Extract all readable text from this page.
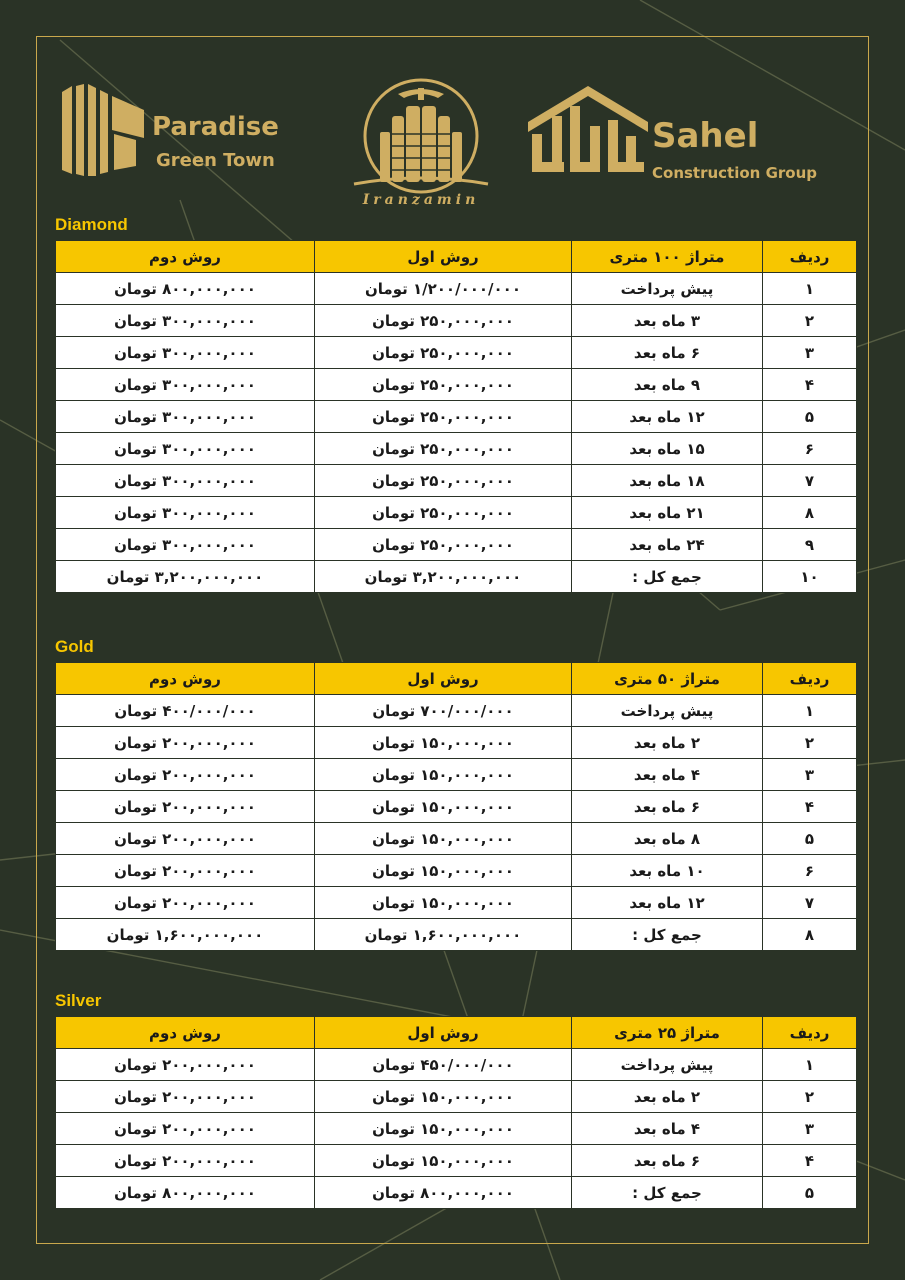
Paradise
Green Town
Iranzamin
Sahel
Construction Group
Diamond
ردیف	متراژ ۱۰۰ متری	روش اول	روش دوم
۱	پیش پرداخت	۱/۲۰۰/۰۰۰/۰۰۰ تومان	۸۰۰,۰۰۰,۰۰۰ تومان
۲	۳ ماه بعد	۲۵۰,۰۰۰,۰۰۰ تومان	۳۰۰,۰۰۰,۰۰۰ تومان
۳	۶ ماه بعد	۲۵۰,۰۰۰,۰۰۰ تومان	۳۰۰,۰۰۰,۰۰۰ تومان
۴	۹ ماه بعد	۲۵۰,۰۰۰,۰۰۰ تومان	۳۰۰,۰۰۰,۰۰۰ تومان
۵	۱۲ ماه بعد	۲۵۰,۰۰۰,۰۰۰ تومان	۳۰۰,۰۰۰,۰۰۰ تومان
۶	۱۵ ماه بعد	۲۵۰,۰۰۰,۰۰۰ تومان	۳۰۰,۰۰۰,۰۰۰ تومان
۷	۱۸ ماه بعد	۲۵۰,۰۰۰,۰۰۰ تومان	۳۰۰,۰۰۰,۰۰۰ تومان
۸	۲۱ ماه بعد	۲۵۰,۰۰۰,۰۰۰ تومان	۳۰۰,۰۰۰,۰۰۰ تومان
۹	۲۴ ماه بعد	۲۵۰,۰۰۰,۰۰۰ تومان	۳۰۰,۰۰۰,۰۰۰ تومان
۱۰	جمع کل :	۳,۲۰۰,۰۰۰,۰۰۰ تومان	۳,۲۰۰,۰۰۰,۰۰۰ تومان
Gold
ردیف	متراژ ۵۰ متری	روش اول	روش دوم
۱	پیش پرداخت	۷۰۰/۰۰۰/۰۰۰ تومان	۴۰۰/۰۰۰/۰۰۰ تومان
۲	۲ ماه بعد	۱۵۰,۰۰۰,۰۰۰ تومان	۲۰۰,۰۰۰,۰۰۰ تومان
۳	۴ ماه بعد	۱۵۰,۰۰۰,۰۰۰ تومان	۲۰۰,۰۰۰,۰۰۰ تومان
۴	۶ ماه بعد	۱۵۰,۰۰۰,۰۰۰ تومان	۲۰۰,۰۰۰,۰۰۰ تومان
۵	۸ ماه بعد	۱۵۰,۰۰۰,۰۰۰ تومان	۲۰۰,۰۰۰,۰۰۰ تومان
۶	۱۰ ماه بعد	۱۵۰,۰۰۰,۰۰۰ تومان	۲۰۰,۰۰۰,۰۰۰ تومان
۷	۱۲ ماه بعد	۱۵۰,۰۰۰,۰۰۰ تومان	۲۰۰,۰۰۰,۰۰۰ تومان
۸	جمع کل :	۱,۶۰۰,۰۰۰,۰۰۰ تومان	۱,۶۰۰,۰۰۰,۰۰۰ تومان
Silver
ردیف	متراژ ۲۵ متری	روش اول	روش دوم
۱	پیش پرداخت	۴۵۰/۰۰۰/۰۰۰ تومان	۲۰۰,۰۰۰,۰۰۰ تومان
۲	۲ ماه بعد	۱۵۰,۰۰۰,۰۰۰ تومان	۲۰۰,۰۰۰,۰۰۰ تومان
۳	۴ ماه بعد	۱۵۰,۰۰۰,۰۰۰ تومان	۲۰۰,۰۰۰,۰۰۰ تومان
۴	۶ ماه بعد	۱۵۰,۰۰۰,۰۰۰ تومان	۲۰۰,۰۰۰,۰۰۰ تومان
۵	جمع کل :	۸۰۰,۰۰۰,۰۰۰ تومان	۸۰۰,۰۰۰,۰۰۰ تومان
